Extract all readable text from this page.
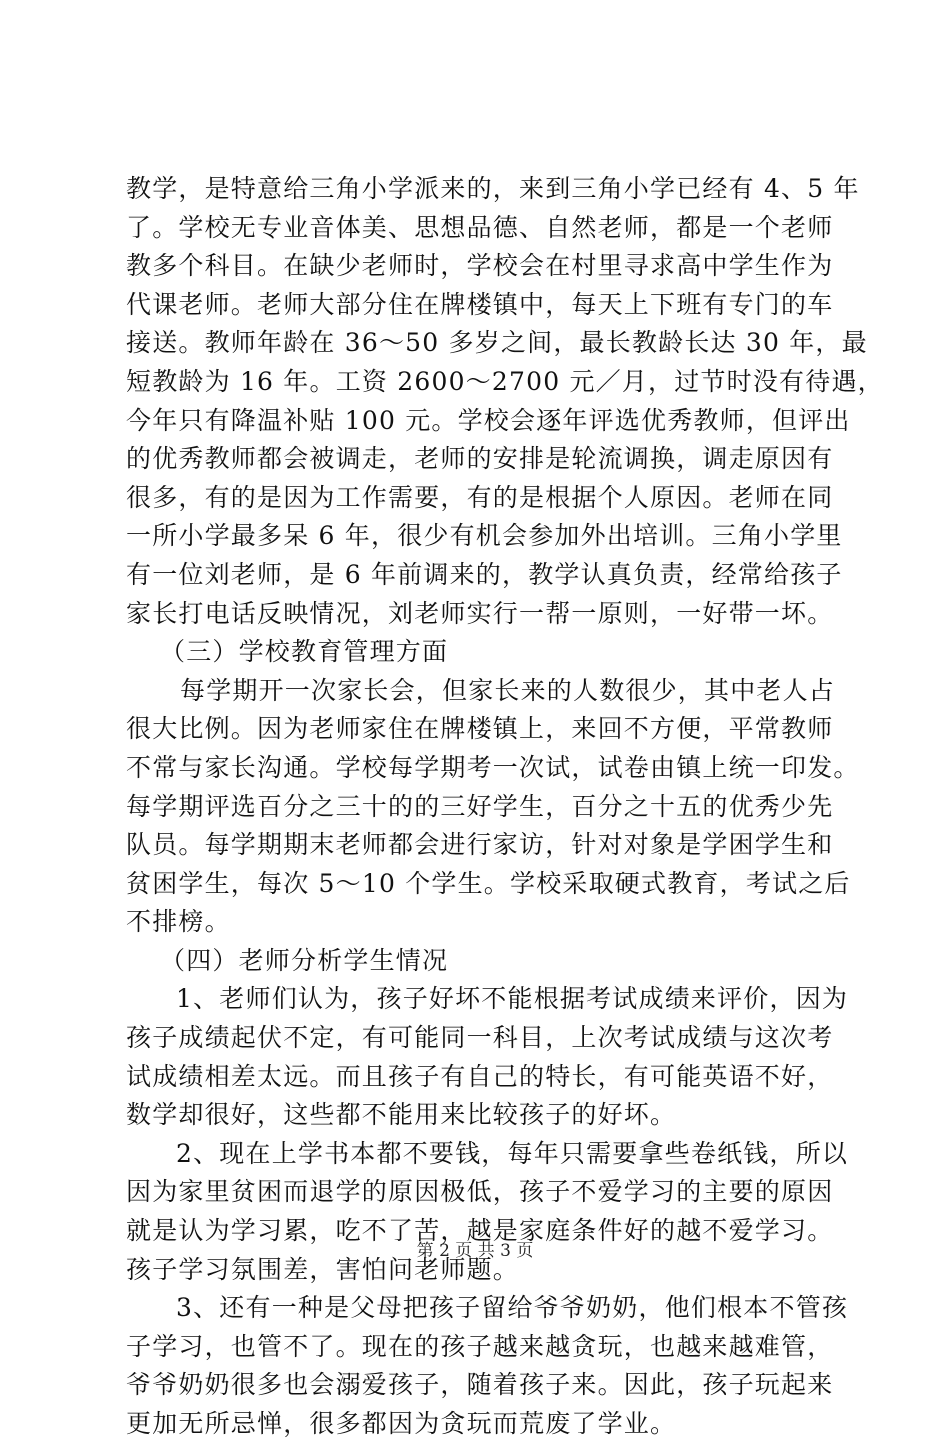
教学，是特意给三角小学派来的，来到三角小学已经有 4、5 年
了。学校无专业音体美、思想品德、自然老师，都是一个老师
教多个科目。在缺少老师时，学校会在村里寻求高中学生作为
代课老师。老师大部分住在牌楼镇中，每天上下班有专门的车
接送。教师年龄在 36～50 多岁之间，最长教龄长达 30 年，最
短教龄为 16 年。工资 2600～2700 元／月，过节时没有待遇，
今年只有降温补贴 100 元。学校会逐年评选优秀教师，但评出
的优秀教师都会被调走，老师的安排是轮流调换，调走原因有
很多，有的是因为工作需要，有的是根据个人原因。老师在同
一所小学最多呆 6 年，很少有机会参加外出培训。三角小学里
有一位刘老师，是 6 年前调来的，教学认真负责，经常给孩子
家长打电话反映情况，刘老师实行一帮一原则，一好带一坏。
（三）学校教育管理方面
每学期开一次家长会，但家长来的人数很少，其中老人占
很大比例。因为老师家住在牌楼镇上，来回不方便，平常教师
不常与家长沟通。学校每学期考一次试，试卷由镇上统一印发。
每学期评选百分之三十的的三好学生，百分之十五的优秀少先
队员。每学期期末老师都会进行家访，针对对象是学困学生和
贫困学生，每次 5～10 个学生。学校采取硬式教育，考试之后
不排榜。
（四）老师分析学生情况
1、老师们认为，孩子好坏不能根据考试成绩来评价，因为
孩子成绩起伏不定，有可能同一科目，上次考试成绩与这次考
试成绩相差太远。而且孩子有自己的特长，有可能英语不好，
数学却很好，这些都不能用来比较孩子的好坏。
2、现在上学书本都不要钱，每年只需要拿些卷纸钱，所以
因为家里贫困而退学的原因极低，孩子不爱学习的主要的原因
就是认为学习累，吃不了苦，越是家庭条件好的越不爱学习。
孩子学习氛围差，害怕问老师题。
3、还有一种是父母把孩子留给爷爷奶奶，他们根本不管孩
子学习，也管不了。现在的孩子越来越贪玩，也越来越难管，
爷爷奶奶很多也会溺爱孩子，随着孩子来。因此，孩子玩起来
更加无所忌惮，很多都因为贪玩而荒废了学业。
第 2 页 共 3 页
